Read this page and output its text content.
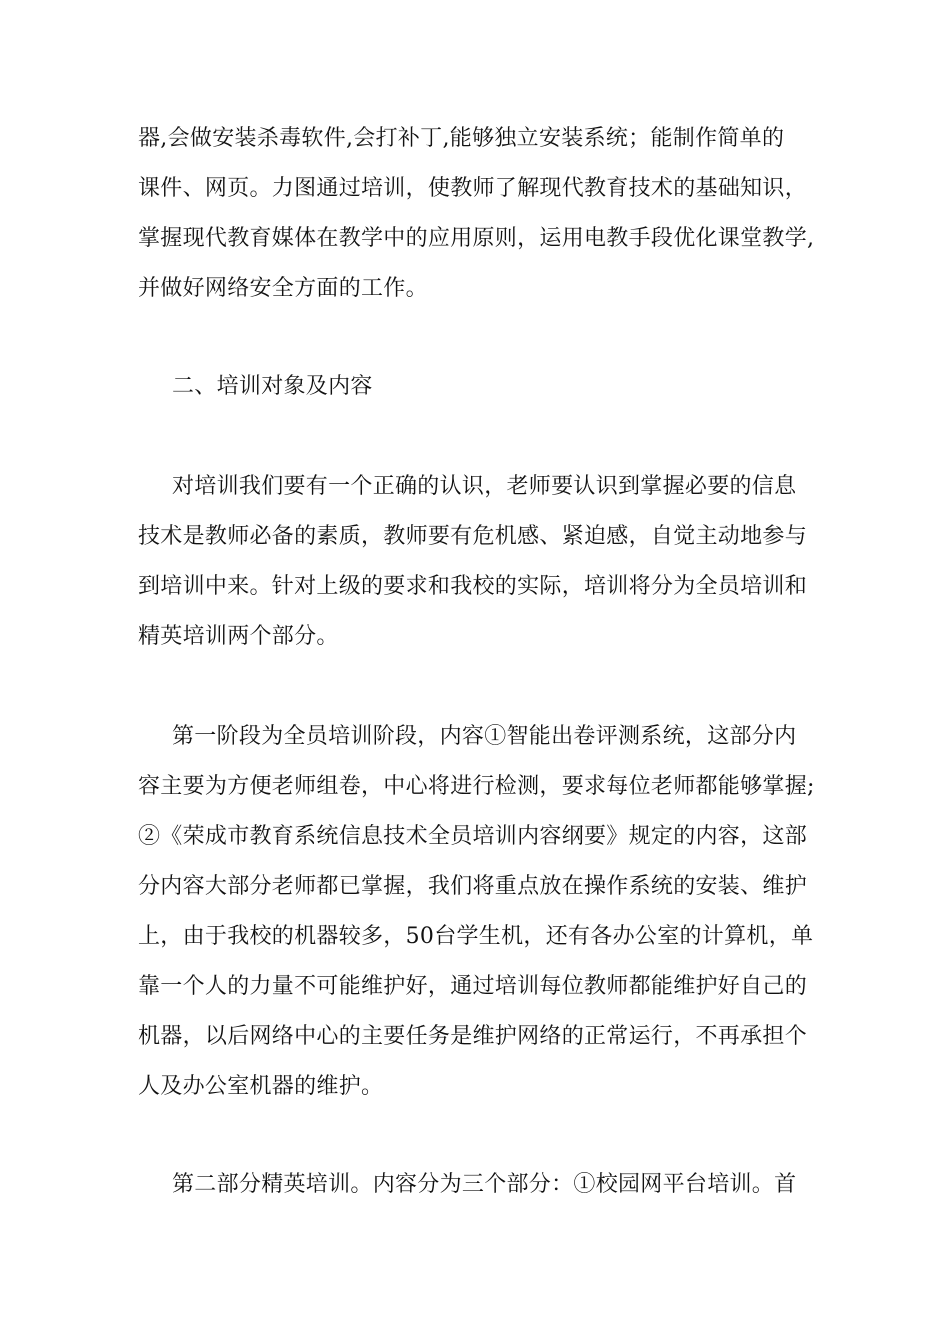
器,会做安装杀毒软件,会打补丁,能够独立安装系统；能制作简单的
课件、网页。力图通过培训，使教师了解现代教育技术的基础知识，
掌握现代教育媒体在教学中的应用原则，运用电教手段优化课堂教学,
并做好网络安全方面的工作。
二、培训对象及内容
对培训我们要有一个正确的认识，老师要认识到掌握必要的信息
技术是教师必备的素质，教师要有危机感、紧迫感，自觉主动地参与
到培训中来。针对上级的要求和我校的实际，培训将分为全员培训和
精英培训两个部分。
第一阶段为全员培训阶段，内容①智能出卷评测系统，这部分内
容主要为方便老师组卷，中心将进行检测，要求每位老师都能够掌握;
②《荣成市教育系统信息技术全员培训内容纲要》规定的内容，这部
分内容大部分老师都已掌握，我们将重点放在操作系统的安装、维护
上，由于我校的机器较多，50台学生机，还有各办公室的计算机，单
靠一个人的力量不可能维护好，通过培训每位教师都能维护好自己的
机器，以后网络中心的主要任务是维护网络的正常运行，不再承担个
人及办公室机器的维护。
第二部分精英培训。内容分为三个部分：①校园网平台培训。首
